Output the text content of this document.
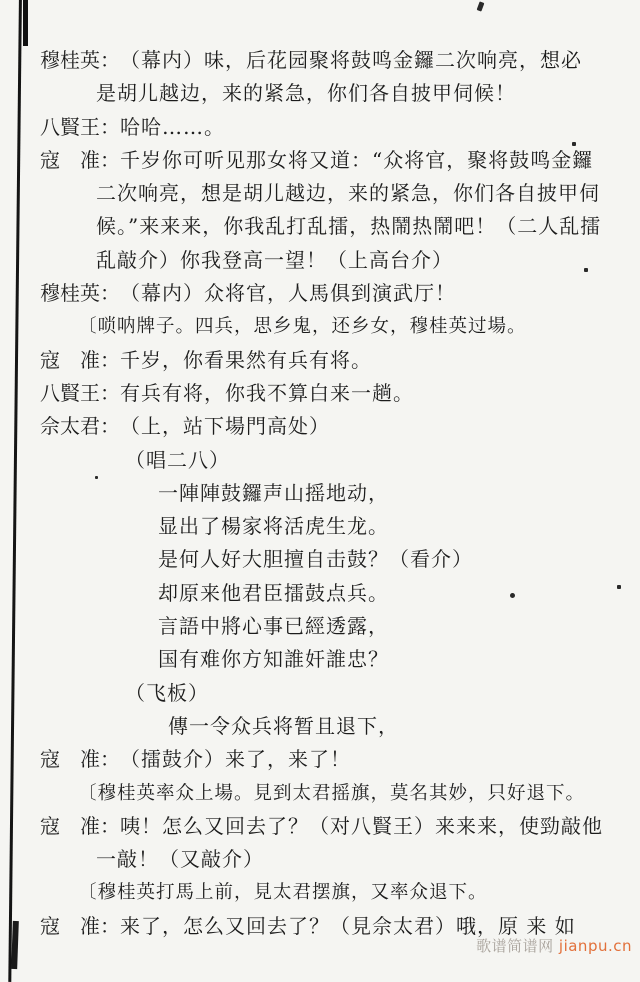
穆桂英：（幕内）味，后花园聚将鼓鸣金鑼二次响亮，想必
是胡儿越边，来的紧急，你们各自披甲伺候！
八賢王：哈哈……。
寇　准：千岁你可听见那女将又道：“众将官，聚将鼓鸣金鑼
二次响亮，想是胡儿越边，来的紧急，你们各自披甲伺
候。”来来来，你我乱打乱擂，热鬧热鬧吧！（二人乱擂
乱敲介）你我登高一望！（上高台介）
穆桂英：（幕内）众将官，人馬俱到演武厅！
〔唢呐牌子。四兵，思乡鬼，还乡女，穆桂英过場。
寇　准：千岁，你看果然有兵有将。
八賢王：有兵有将，你我不算白来一趟。
佘太君：（上，站下場門高处）
（唱二八）
一陣陣鼓鑼声山摇地动，
显出了楊家将活虎生龙。
是何人好大胆擅自击鼓？（看介）
却原来他君臣擂鼓点兵。
言語中將心事已經透露，
国有难你方知誰奸誰忠？
（飞板）
傳一令众兵将暂且退下，
寇　准：（擂鼓介）来了，来了！
〔穆桂英率众上場。見到太君摇旗，莫名其妙，只好退下。
寇　准：咦！怎么又回去了？（对八賢王）来来来，使勁敲他
一敲！（又敲介）
〔穆桂英打馬上前，見太君摆旗，又率众退下。
寇　准：来了，怎么又回去了？（見佘太君）哦，原 来 如
歌谱简谱网 jianpu.cn
